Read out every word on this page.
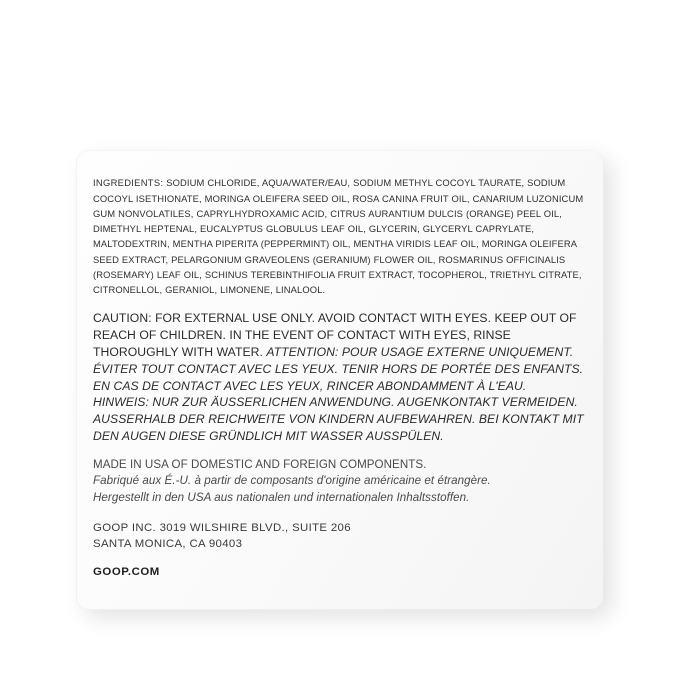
INGREDIENTS: SODIUM CHLORIDE, AQUA/WATER/EAU, SODIUM METHYL COCOYL TAURATE, SODIUM COCOYL ISETHIONATE, MORINGA OLEIFERA SEED OIL, ROSA CANINA FRUIT OIL, CANARIUM LUZONICUM GUM NONVOLATILES, CAPRYLHYDROXAMIC ACID, CITRUS AURANTIUM DULCIS (ORANGE) PEEL OIL, DIMETHYL HEPTENAL, EUCALYPTUS GLOBULUS LEAF OIL, GLYCERIN, GLYCERYL CAPRYLATE, MALTODEXTRIN, MENTHA PIPERITA (PEPPERMINT) OIL, MENTHA VIRIDIS LEAF OIL, MORINGA OLEIFERA SEED EXTRACT, PELARGONIUM GRAVEOLENS (GERANIUM) FLOWER OIL, ROSMARINUS OFFICINALIS (ROSEMARY) LEAF OIL, SCHINUS TEREBINTHIFOLIA FRUIT EXTRACT, TOCOPHEROL, TRIETHYL CITRATE, CITRONELLOL, GERANIOL, LIMONENE, LINALOOL.

CAUTION: FOR EXTERNAL USE ONLY. AVOID CONTACT WITH EYES. KEEP OUT OF REACH OF CHILDREN. IN THE EVENT OF CONTACT WITH EYES, RINSE THOROUGHLY WITH WATER. ATTENTION: POUR USAGE EXTERNE UNIQUEMENT. ÉVITER TOUT CONTACT AVEC LES YEUX. TENIR HORS DE PORTÉE DES ENFANTS. EN CAS DE CONTACT AVEC LES YEUX, RINCER ABONDAMMENT À L'EAU. HINWEIS: NUR ZUR ÄUSSERLICHEN ANWENDUNG. AUGENKONTAKT VERMEIDEN. AUSSERHALB DER REICHWEITE VON KINDERN AUFBEWAHREN. BEI KONTAKT MIT DEN AUGEN DIESE GRÜNDLICH MIT WASSER AUSSPÜLEN.

MADE IN USA OF DOMESTIC AND FOREIGN COMPONENTS.
Fabriqué aux É.-U. à partir de composants d'origine américaine et étrangère.
Hergestellt in den USA aus nationalen und internationalen Inhaltsstoffen.

GOOP INC. 3019 WILSHIRE BLVD., SUITE 206
SANTA MONICA, CA 90403

GOOP.COM
